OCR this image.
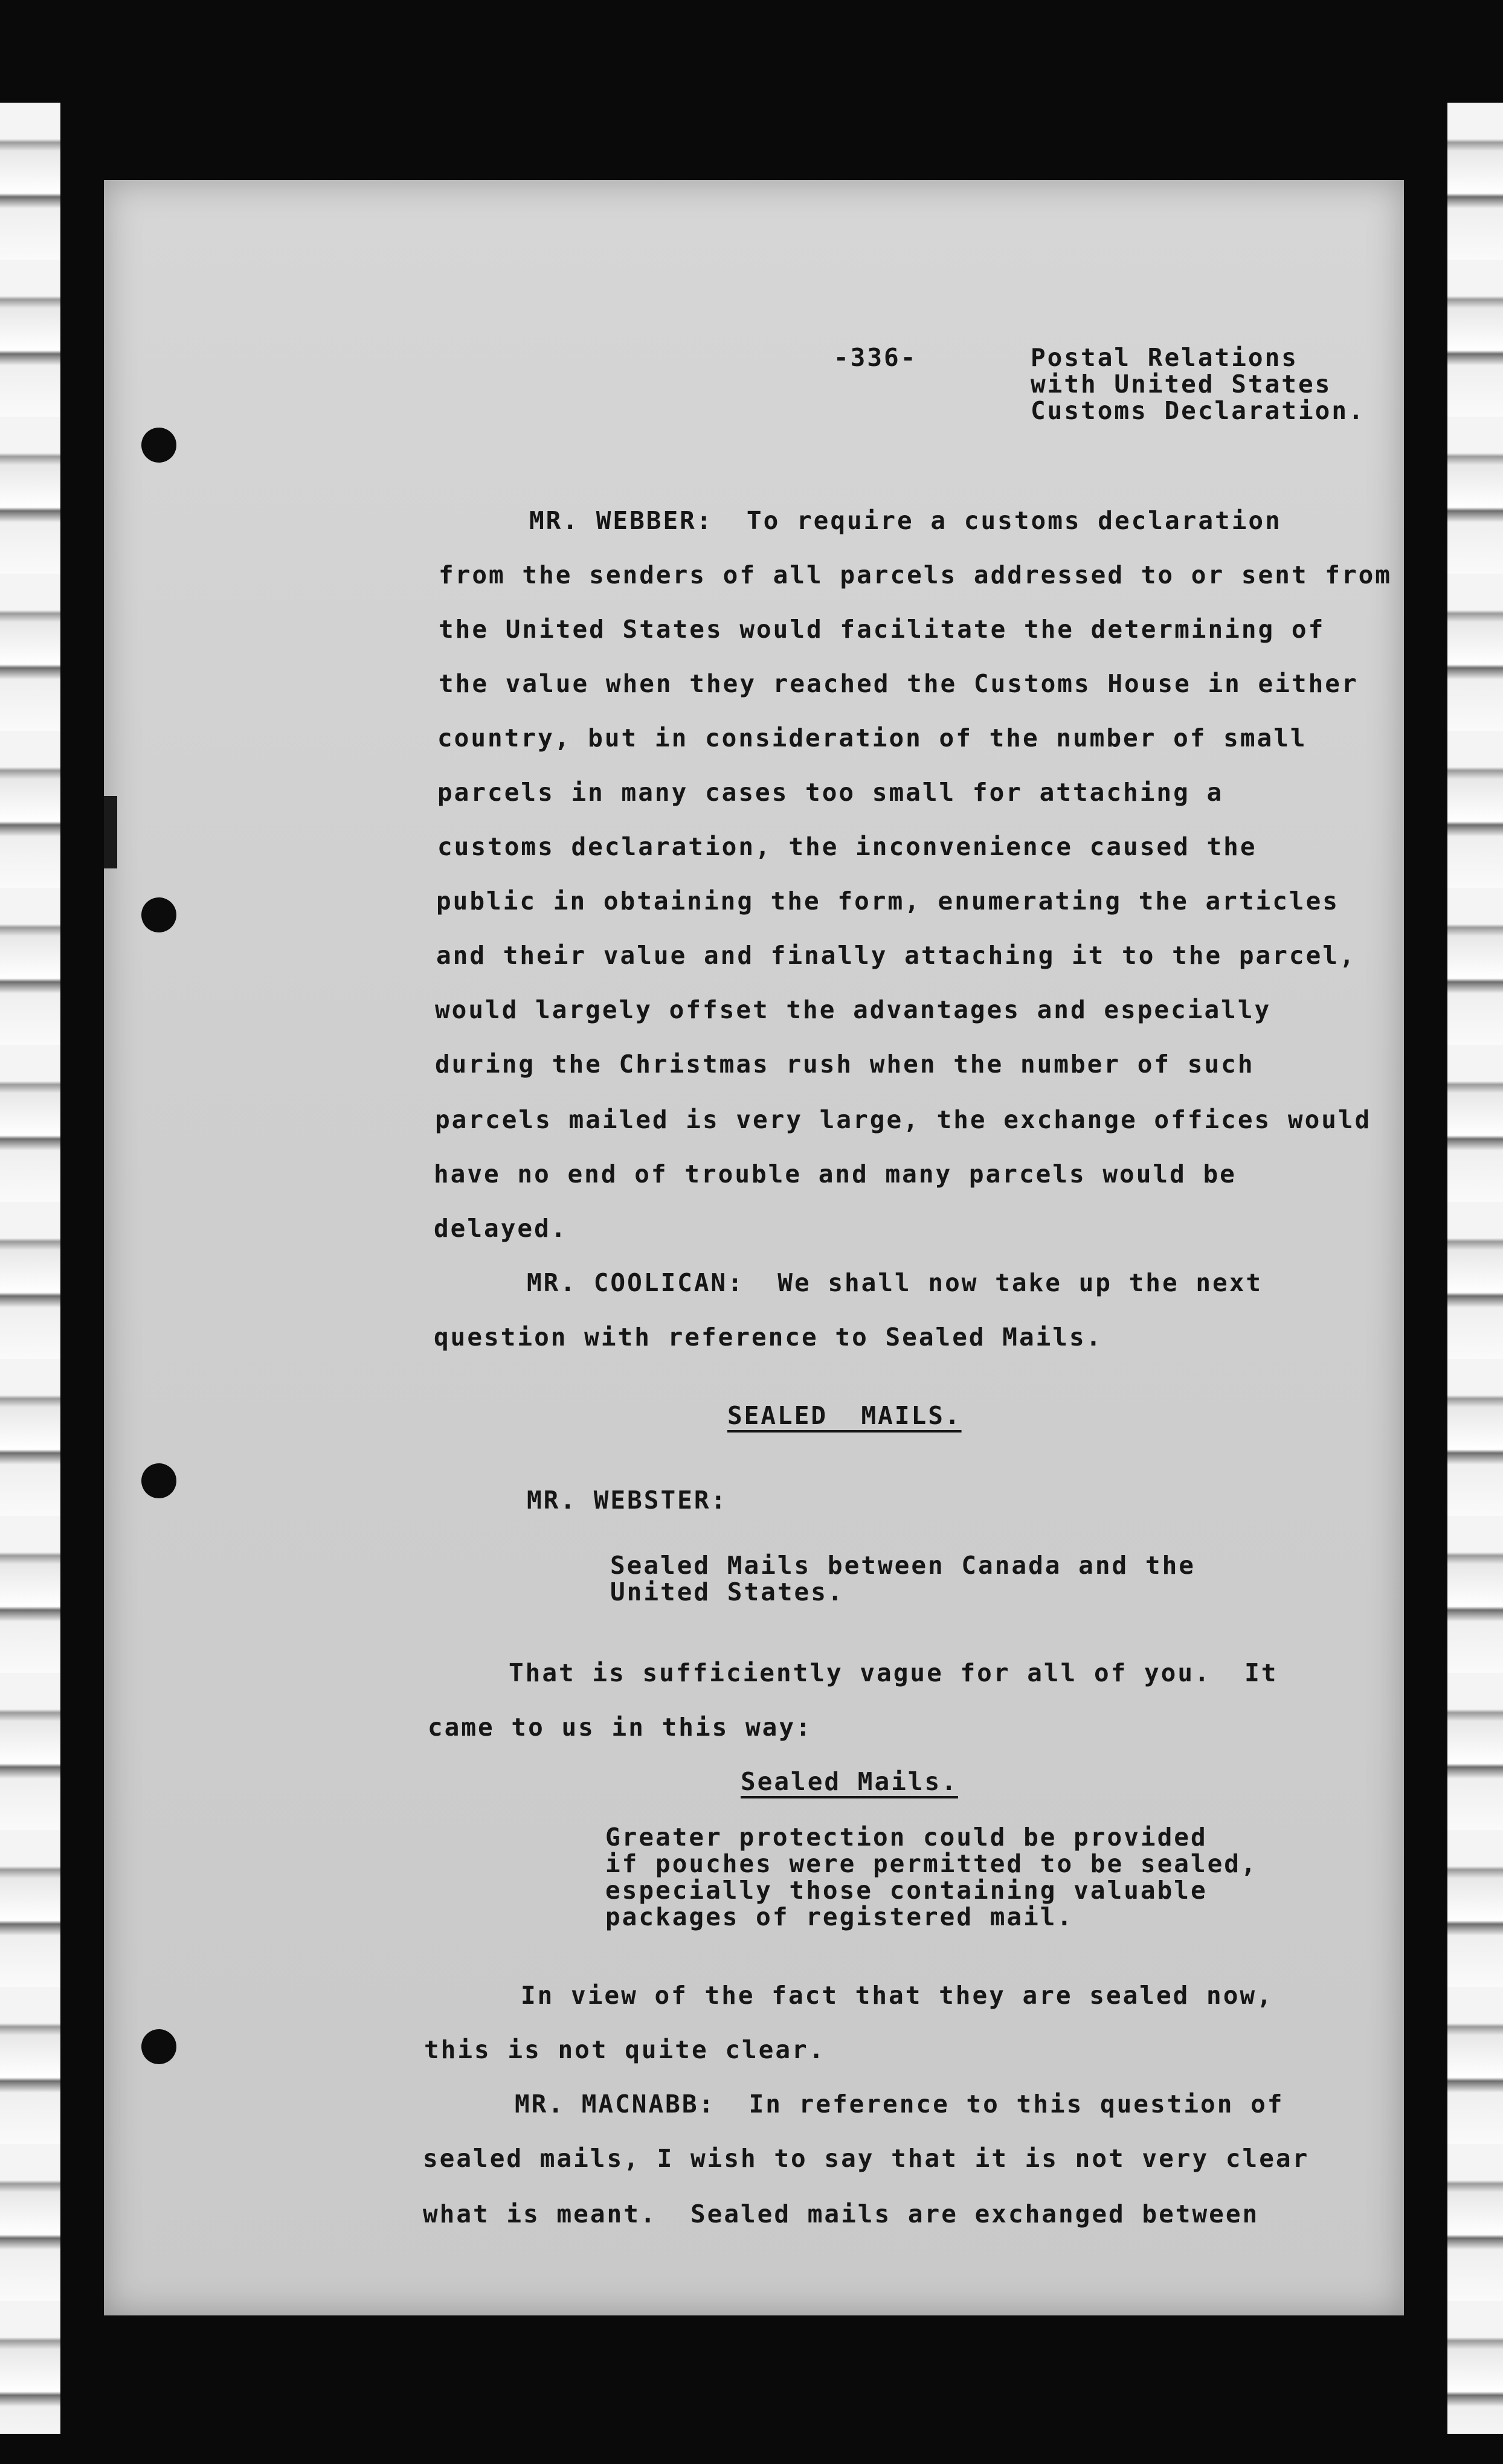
-336-	Postal Relations
with United States
Customs Declaration.
MR. WEBBER:  To require a customs declaration
from the senders of all parcels addressed to or sent from
the United States would facilitate the determining of
the value when they reached the Customs House in either
country, but in consideration of the number of small
parcels in many cases too small for attaching a
customs declaration, the inconvenience caused the
public in obtaining the form, enumerating the articles
and their value and finally attaching it to the parcel,
would largely offset the advantages and especially
during the Christmas rush when the number of such
parcels mailed is very large, the exchange offices would
have no end of trouble and many parcels would be
delayed.
MR. COOLICAN:  We shall now take up the next
question with reference to Sealed Mails.
SEALED  MAILS.
MR. WEBSTER:
Sealed Mails between Canada and the
United States.
That is sufficiently vague for all of you.  It
came to us in this way:
Sealed Mails.
Greater protection could be provided
if pouches were permitted to be sealed,
especially those containing valuable
packages of registered mail.
In view of the fact that they are sealed now,
this is not quite clear.
MR. MACNABB:  In reference to this question of
sealed mails, I wish to say that it is not very clear
what is meant.  Sealed mails are exchanged between
